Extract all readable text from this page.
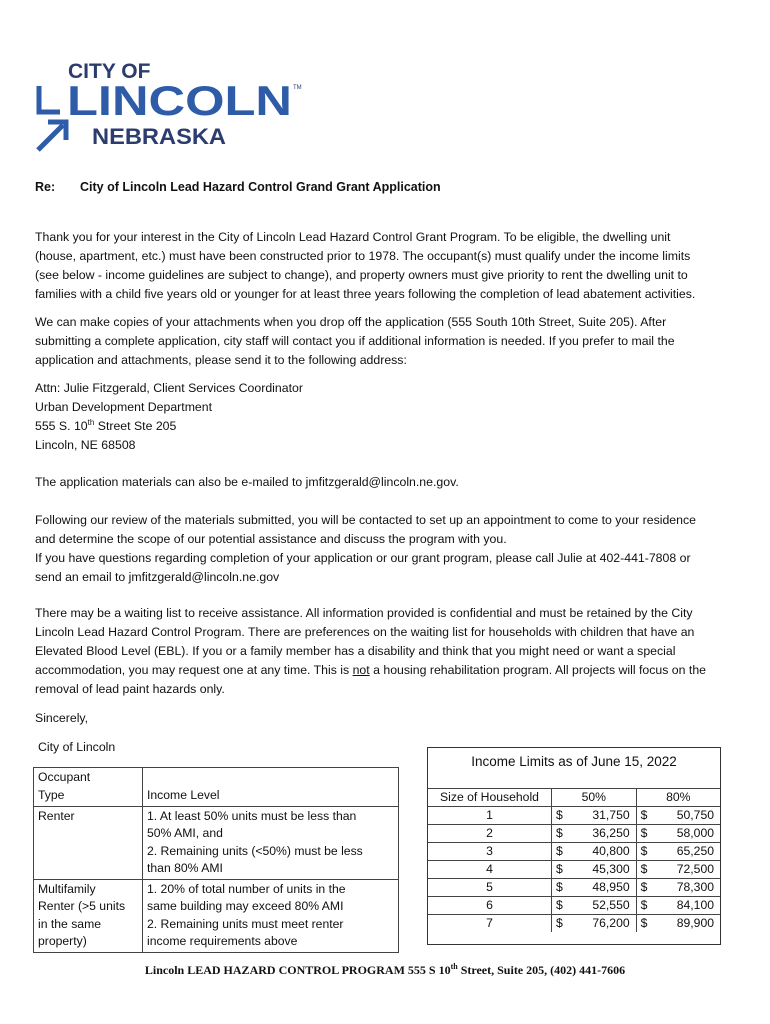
CITY OF
LINCOLN TM
NEBRASKA
Re: City of Lincoln Lead Hazard Control Grand Grant Application
Thank you for your interest in the City of Lincoln Lead Hazard Control Grant Program. To be eligible, the dwelling unit
(house, apartment, etc.) must have been constructed prior to 1978. The occupant(s) must qualify under the income limits
(see below - income guidelines are subject to change), and property owners must give priority to rent the dwelling unit to
families with a child five years old or younger for at least three years following the completion of lead abatement activities.
We can make copies of your attachments when you drop off the application (555 South 10th Street, Suite 205). After
submitting a complete application, city staff will contact you if additional information is needed. If you prefer to mail the
application and attachments, please send it to the following address:
Attn: Julie Fitzgerald, Client Services Coordinator
Urban Development Department
555 S. 10th Street Ste 205
Lincoln, NE 68508
The application materials can also be e-mailed to jmfitzgerald@lincoln.ne.gov.
Following our review of the materials submitted, you will be contacted to set up an appointment to come to your residence
and determine the scope of our potential assistance and discuss the program with you.
If you have questions regarding completion of your application or our grant program, please call Julie at 402-441-7808 or
send an email to jmfitzgerald@lincoln.ne.gov
There may be a waiting list to receive assistance. All information provided is confidential and must be retained by the City
Lincoln Lead Hazard Control Program. There are preferences on the waiting list for households with children that have an
Elevated Blood Level (EBL). If you or a family member has a disability and think that you might need or want a special
accommodation, you may request one at any time. This is not a housing rehabilitation program. All projects will focus on the
removal of lead paint hazards only.
Sincerely,
City of Lincoln
Occupant
Type	Income Level
Renter	1. At least 50% units must be less than
50% AMI, and
2. Remaining units (<50%) must be less
than 80% AMI
Multifamily
Renter (>5 units
in the same
property)	1. 20% of total number of units in the
same building may exceed 80% AMI
2. Remaining units must meet renter
income requirements above
Income Limits as of June 15, 2022
Size of Household	50%	80%
1	$ 31,750	$ 50,750
2	$ 36,250	$ 58,000
3	$ 40,800	$ 65,250
4	$ 45,300	$ 72,500
5	$ 48,950	$ 78,300
6	$ 52,550	$ 84,100
7	$ 76,200	$ 89,900
Lincoln LEAD HAZARD CONTROL PROGRAM 555 S 10th Street, Suite 205, (402) 441-7606
